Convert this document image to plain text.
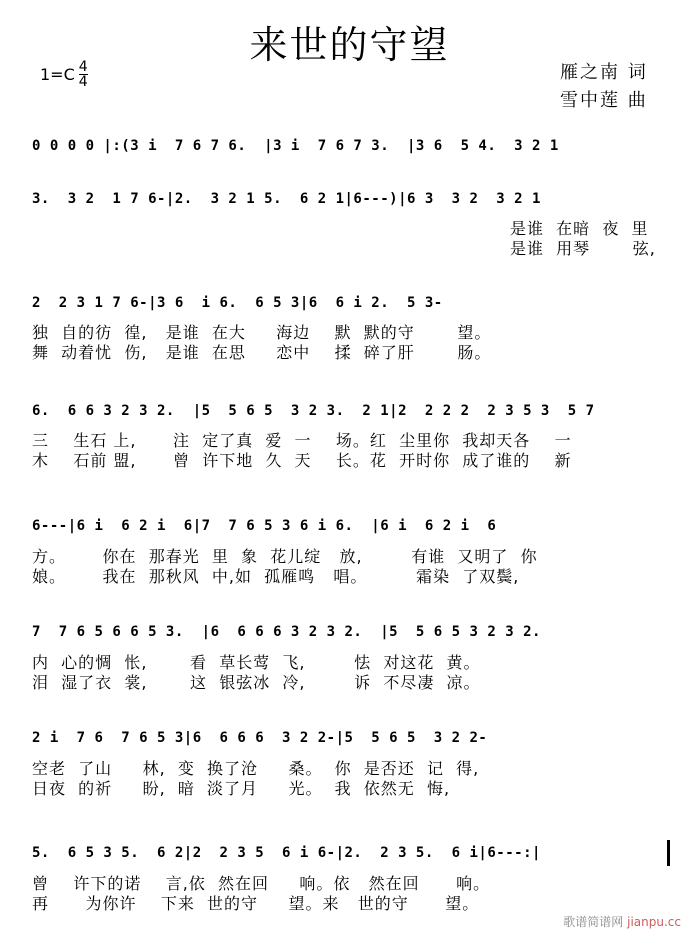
来世的守望
$1=C \frac{4}{4}$	雁之南 词
雪中莲 曲
0 0 0 0 |:(3 i  7 6 7 6.  |3 i  7 6 7 3.  |3 6  5 4.  3 2 1
3.  3 2  1 7 6-|2.  3 2 1 5.  6 2 1|6---)|6 3  3 2  3 2 1
是谁  在暗  夜  里
是谁  用琴       弦,
2  2 3 1 7 6-|3 6  i 6.  6 5 3|6  6 i 2.  5 3-
独  自的彷  徨,   是谁  在大     海边    默  默的守       望。
舞  动着忧  伤,   是谁  在思     恋中    揉  碎了肝       肠。
6.  6 6 3 2 3 2.  |5  5 6 5  3 2 3.  2 1|2  2 2 2  2 3 5 3  5 7
三    生石 上,      注  定了真  爱  一    场。红  尘里你  我却天各    一
木    石前 盟,      曾  许下地  久  天    长。花  开时你  成了谁的    新
6---|6 i  6 2 i  6|7  7 6 5 3 6 i 6.  |6 i  6 2 i  6
方。      你在  那春光  里  象  花儿绽   放,        有谁  又明了  你
娘。      我在  那秋风  中,如  孤雁鸣   唱。        霜染  了双鬓,
7  7 6 5 6 6 5 3.  |6  6 6 6 3 2 3 2.  |5  5 6 5 3 2 3 2.
内  心的惆  怅,       看  草长莺  飞,        怯  对这花  黄。
泪  湿了衣  裳,       这  银弦冰  冷,        诉  不尽凄  凉。
2 i  7 6  7 6 5 3|6  6 6 6  3 2 2-|5  5 6 5  3 2 2-
空老  了山     林,  变  换了沧     桑。  你  是否还  记  得,
日夜  的祈     盼,  暗  淡了月     光。  我  依然无  悔,
5.  6 5 3 5.  6 2|2  2 3 5  6 i 6-|2.  2 3 5.  6 i|6---:|
曾    许下的诺    言,依  然在回     响。依   然在回      响。
再      为你许    下来  世的守     望。来   世的守      望。
歌谱简谱网 jianpu.cc
